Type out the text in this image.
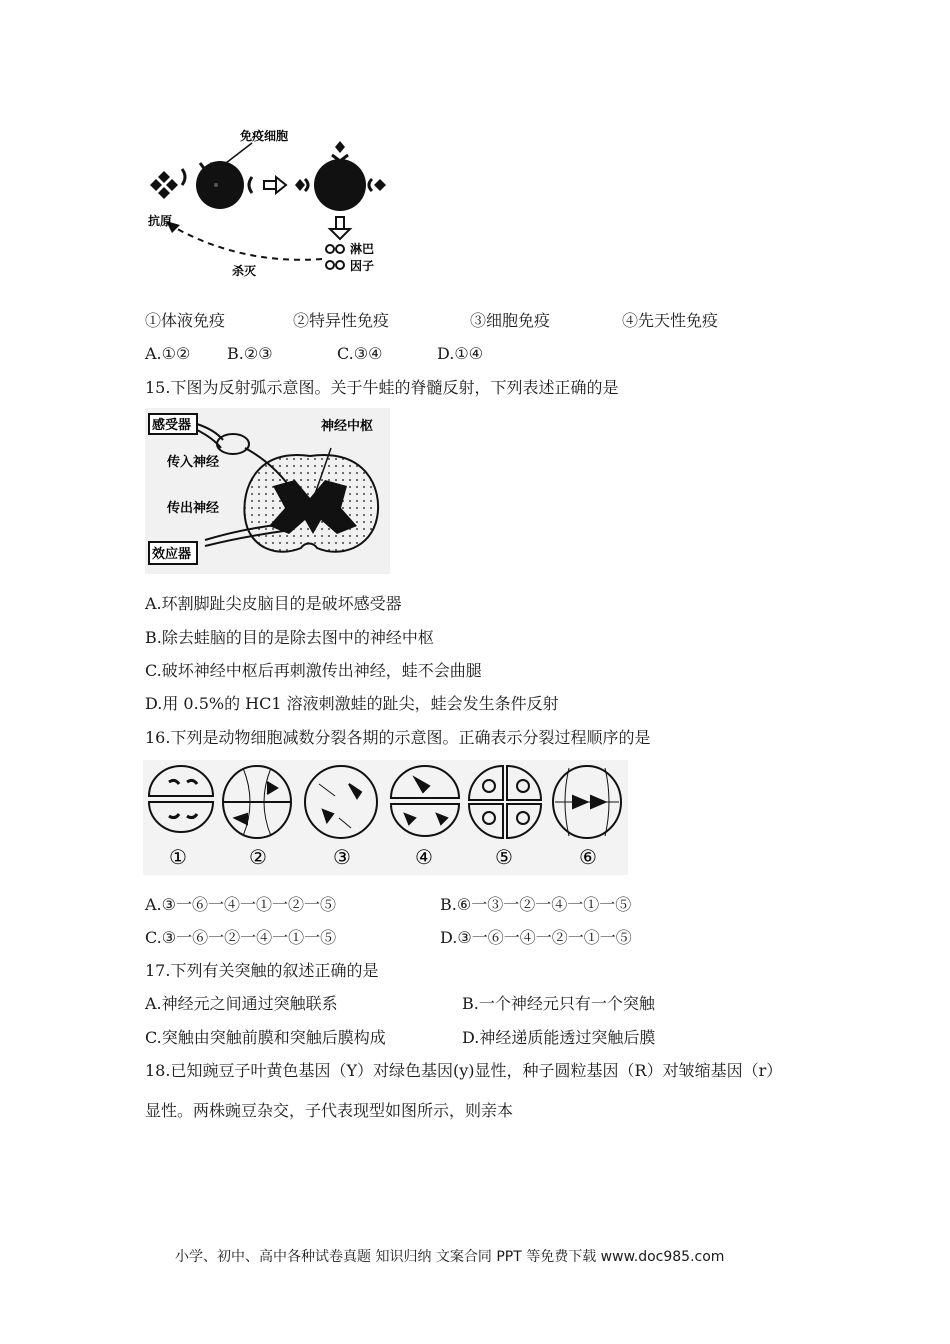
免疫细胞
抗原
杀灭
淋巴
因子
①体液免疫	②特异性免疫	③细胞免疫	④先天性免疫
A.①② B.②③	C.③④	D.①④
15.下图为反射弧示意图。关于牛蛙的脊髓反射，下列表述正确的是
感受器
传入神经
神经中枢
传出神经
效应器
A.环割脚趾尖皮脑目的是破坏感受器
B.除去蛙脑的目的是除去图中的神经中枢
C.破坏神经中枢后再刺激传出神经，蛙不会曲腿
D.用 0.5%的 HC1 溶液刺激蛙的趾尖，蛙会发生条件反射
16.下列是动物细胞减数分裂各期的示意图。正确表示分裂过程顺序的是
①	②	③	④	⑤	⑥
A.③一⑥一④一①一②一⑤	B.⑥一③一②一④一①一⑤
C.③一⑥一②一④一①一⑤	D.③一⑥一④一②一①一⑤
17.下列有关突触的叙述正确的是
A.神经元之间通过突触联系	B.一个神经元只有一个突触
C.突触由突触前膜和突触后膜构成	D.神经递质能透过突触后膜
18.已知豌豆子叶黄色基因（Y）对绿色基因(y)显性，种子圆粒基因（R）对皱缩基因（r）
显性。两株豌豆杂交，子代表现型如图所示，则亲本
小学、初中、高中各种试卷真题 知识归纳 文案合同 PPT 等免费下载 www.doc985.com
